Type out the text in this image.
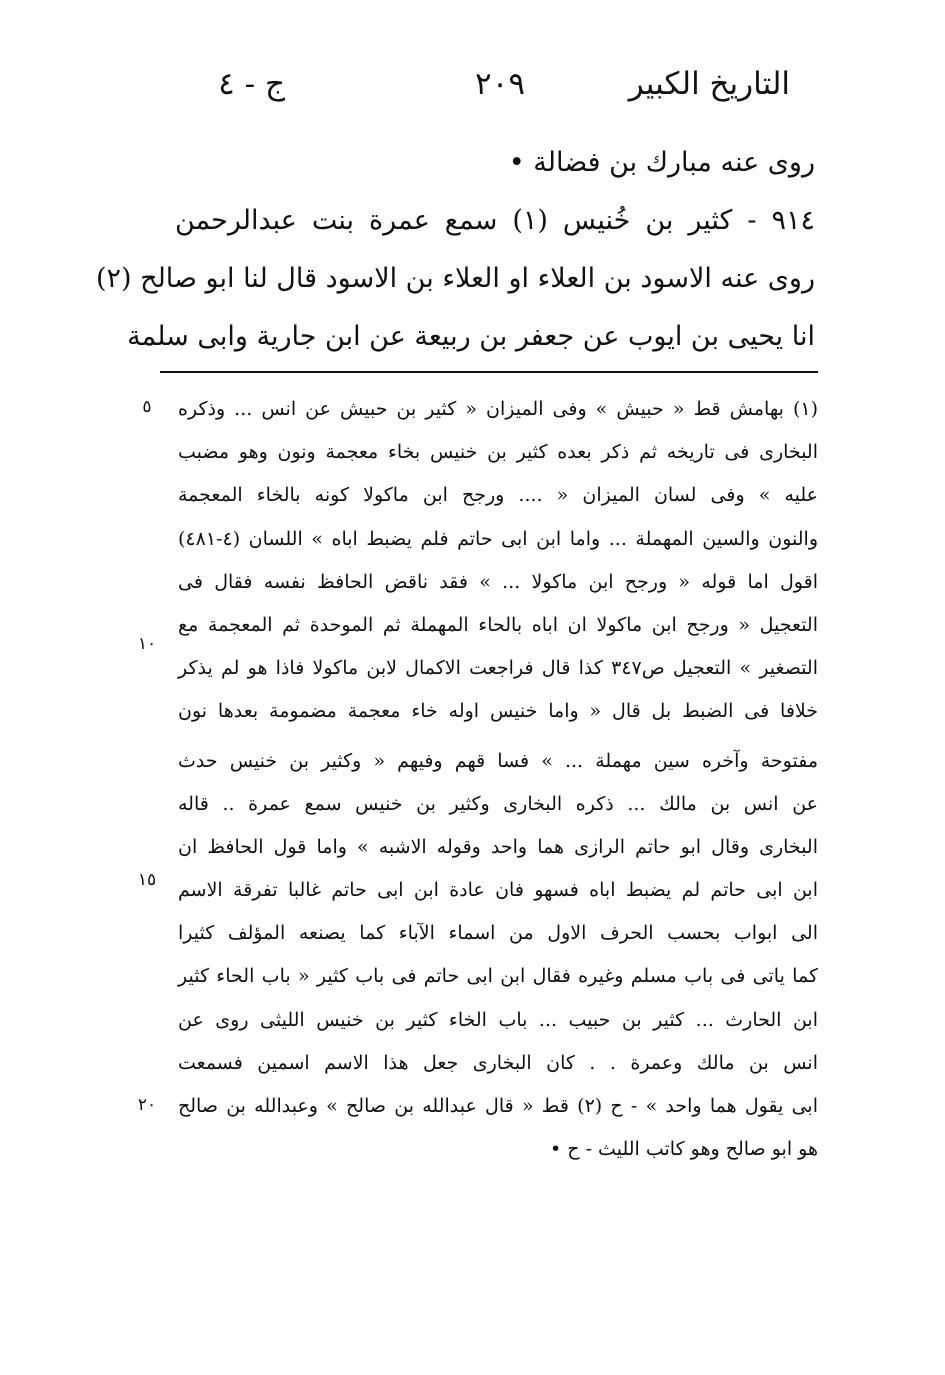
التاريخ الكبير
٢٠٩
ج - ٤
روى عنه مبارك بن فضالة •
٩١٤ - كثير بن خُنيس (١) سمع عمرة بنت عبدالرحمن
روى عنه الاسود بن العلاء او العلاء بن الاسود قال لنا ابو صالح (٢)
انا يحيى بن ايوب عن جعفر بن ربيعة عن ابن جارية وابى سلمة
(١) بهامش قط « حبيش » وفى الميزان « كثير بن حبيش عن انس ... وذكره
البخارى فى تاريخه ثم ذكر بعده كثير بن خنيس بخاء معجمة ونون وهو مضبب
عليه » وفى لسان الميزان « .... ورجح ابن ماكولا كونه بالخاء المعجمة
والنون والسين المهملة ... واما ابن ابى حاتم فلم يضبط اباه » اللسان (٤-٤٨١)
اقول اما قوله « ورجح ابن ماكولا ... » فقد ناقض الحافظ نفسه فقال فى
التعجيل « ورجح ابن ماكولا ان اباه بالحاء المهملة ثم الموحدة ثم المعجمة مع
التصغير » التعجيل ص٣٤٧ كذا قال فراجعت الاكمال لابن ماكولا فاذا هو لم يذكر
خلافا فى الضبط بل قال « واما خنيس اوله خاء معجمة مضمومة بعدها نون
مفتوحة وآخره سين مهملة ... » فسا قهم وفيهم « وكثير بن خنيس حدث
عن انس بن مالك ... ذكره البخارى وكثير بن خنيس سمع عمرة .. قاله
البخارى وقال ابو حاتم الرازى هما واحد وقوله الاشبه » واما قول الحافظ ان
ابن ابى حاتم لم يضبط اباه فسهو فان عادة ابن ابى حاتم غالبا تفرقة الاسم
الى ابواب بحسب الحرف الاول من اسماء الآباء كما يصنعه المؤلف كثيرا
كما ياتى فى باب مسلم وغيره فقال ابن ابى حاتم فى باب كثير « باب الحاء كثير
ابن الحارث ... كثير بن حبيب ... باب الخاء كثير بن خنيس الليثى روى عن
انس بن مالك وعمرة . . كان البخارى جعل هذا الاسم اسمين فسمعت
ابى يقول هما واحد » - ح (٢) قط « قال عبدالله بن صالح » وعبدالله بن صالح
هو ابو صالح وهو كاتب الليث - ح •
٥
١٠
١٥
٢٠
